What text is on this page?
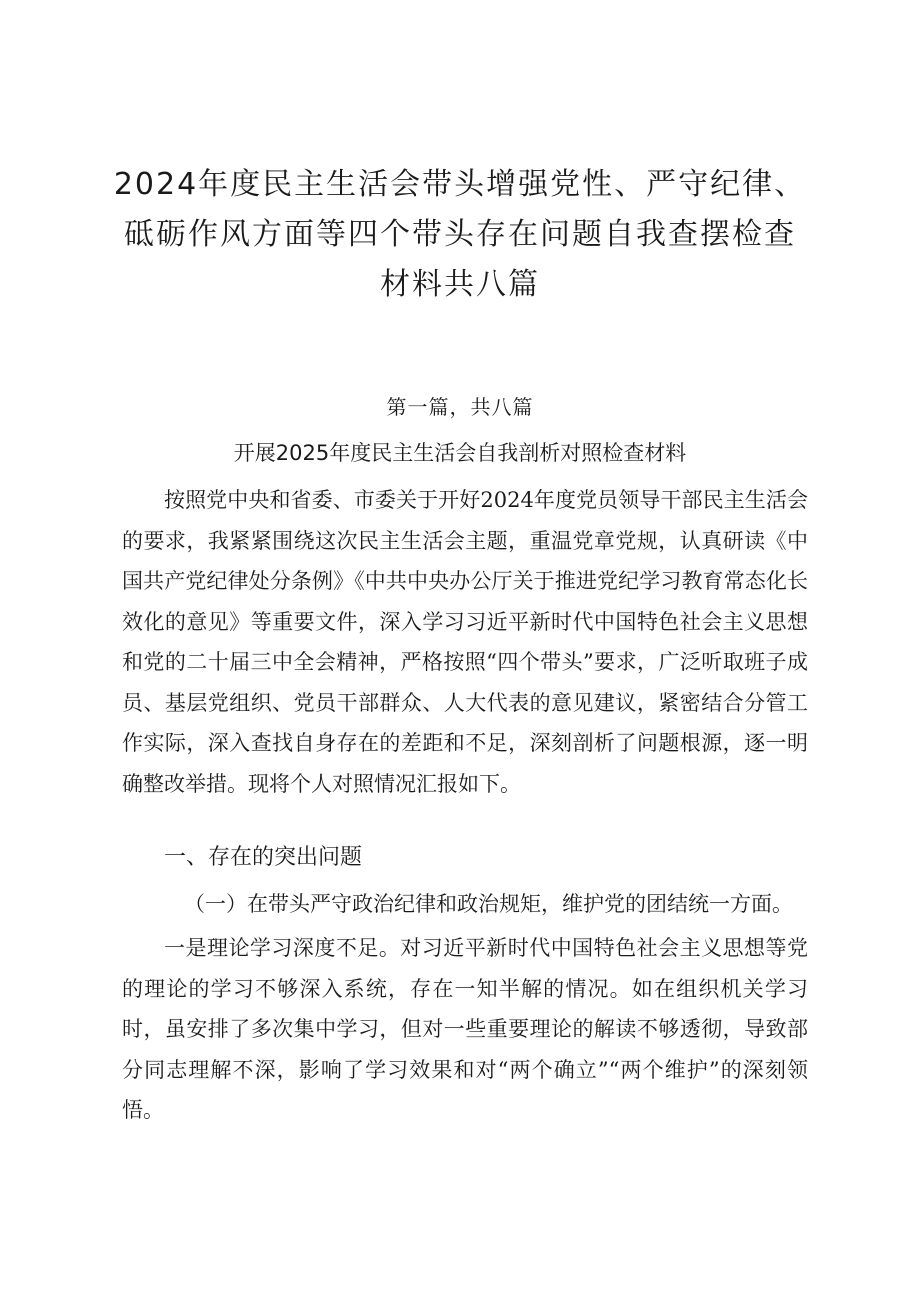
2024年度民主生活会带头增强党性、严守纪律、砥砺作风方面等四个带头存在问题自我查摆检查材料共八篇
第一篇，共八篇
开展2025年度民主生活会自我剖析对照检查材料

按照党中央和省委、市委关于开好2024年度党员领导干部民主生活会的要求，我紧紧围绕这次民主生活会主题，重温党章党规，认真研读《中国共产党纪律处分条例》《中共中央办公厅关于推进党纪学习教育常态化长效化的意见》等重要文件，深入学习习近平新时代中国特色社会主义思想和党的二十届三中全会精神，严格按照“四个带头”要求，广泛听取班子成员、基层党组织、党员干部群众、人大代表的意见建议，紧密结合分管工作实际，深入查找自身存在的差距和不足，深刻剖析了问题根源，逐一明确整改举措。现将个人对照情况汇报如下。

一、存在的突出问题
（一）在带头严守政治纪律和政治规矩，维护党的团结统一方面。

一是理论学习深度不足。对习近平新时代中国特色社会主义思想等党的理论的学习不够深入系统，存在一知半解的情况。如在组织机关学习时，虽安排了多次集中学习，但对一些重要理论的解读不够透彻，导致部分同志理解不深，影响了学习效果和对“两个确立”“两个维护”的深刻领悟。
